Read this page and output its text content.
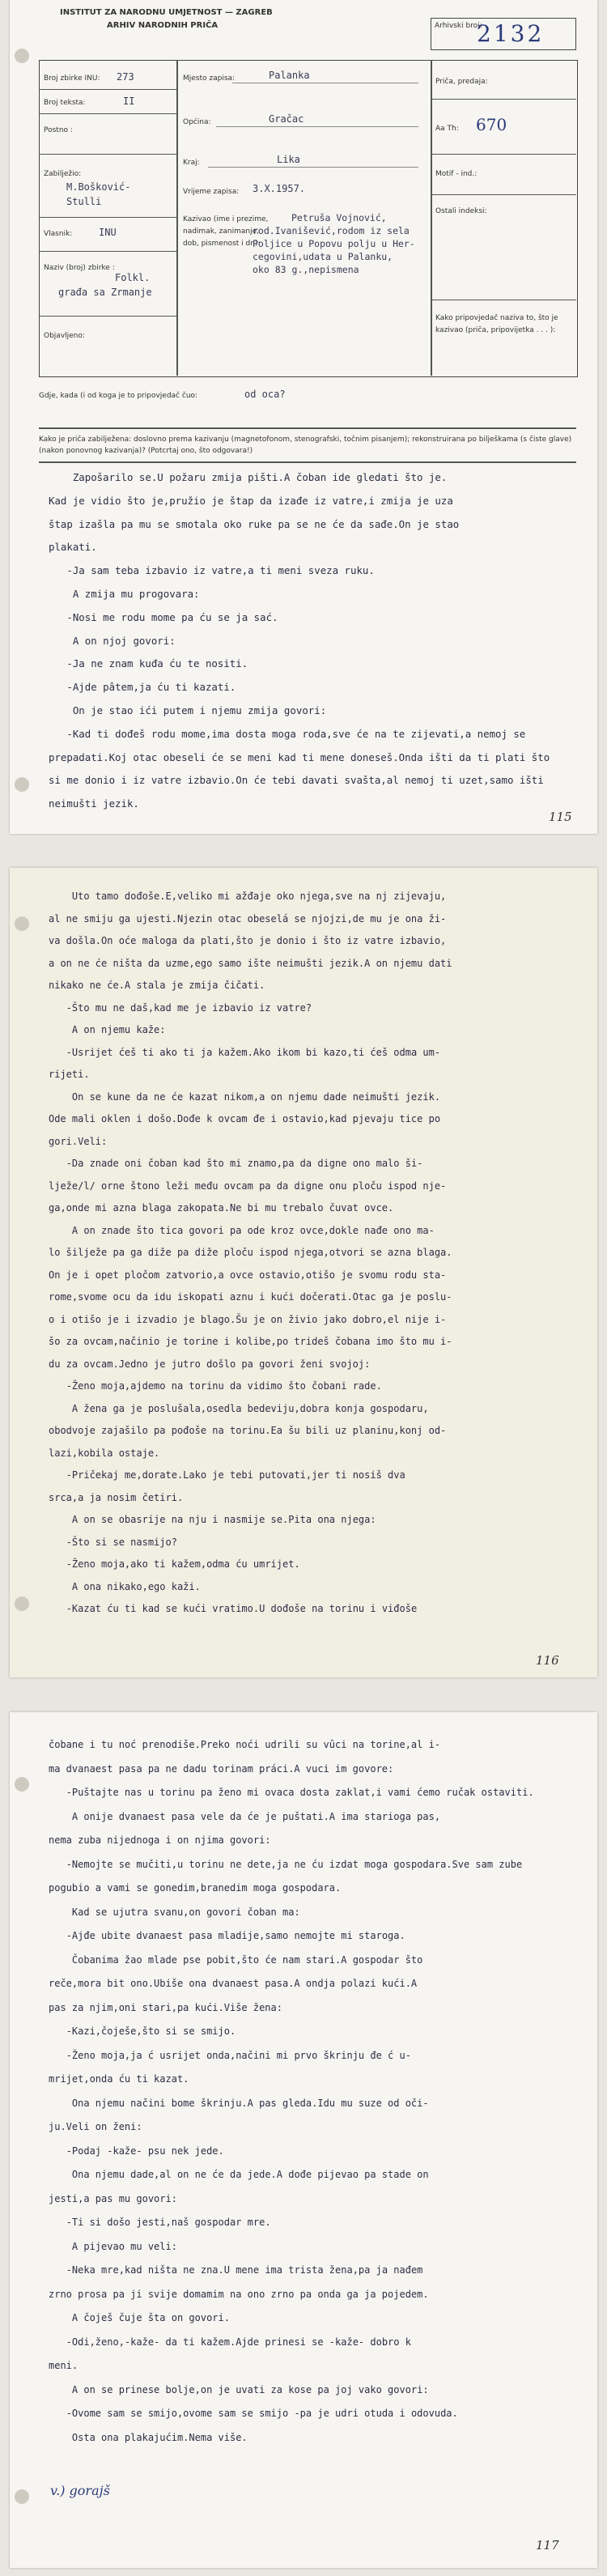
INSTITUT ZA NARODNU UMJETNOST — ZAGREB
ARHIV NARODNIH PRIČA	Arhivski broj:
2132
Broj zbirke INU: 273
Broj teksta:	II
Postno :
Zabilježio:
M.Bošković-
Stulli
Vlasnik:	INU
Naziv (broj) zbirke :
Folkl.
građa sa Zrmanje
Objavljeno:
Mjesto zapisa:	Palanka
Općina:	Gračac
Kraj:	Lika
Vrijeme zapisa: 3.X.1957.
Kazivao (ime i prezime, nadimak, zanimanje, dob, pismenost i dr.):
Petruša Vojnović,
rod.Ivanišević,rodom iz sela
Poljice u Popovu polju u Her-
cegovini,udata u Palanku,
oko 83 g.,nepismena
Priča, predaja:
Aa Th: 670
Motif - ind.:
Ostali indeksi:
Kako pripovjedač naziva to, što je kazivao (priča, pripovijetka . . . ):
Gdje, kada (i od koga je to pripovjedač čuo:	od oca?
Kako je priča zabilježena: doslovno prema kazivanju (magnetofonom, stenografski, točnim pisanjem); rekonstruirana po bilješkama (s čiste glave) (nakon ponovnog kazivanja)? (Potcrtaj ono, što odgovara!)
Zapošarilo se.U požaru zmija pišti.A čoban ide gledati što je.
Kad je vidio što je,pružio je štap da izađe iz vatre,i zmija je uza
štap izašla pa mu se smotala oko ruke pa se ne će da sađe.On je stao
plakati.
-Ja sam teba izbavio iz vatre,a ti meni sveza ruku.
A zmija mu progovara:
-Nosi me rodu mome pa ću se ja sać.
A on njoj govori:
-Ja ne znam kuđa ću te nositi.
-Ajde pâtem,ja ću ti kazati.
On je stao ići putem i njemu zmija govori:
-Kad ti dođeš rodu mome,ima dosta moga roda,sve će na te zijevati,a nemoj se prepadati.Koj otac obeseli će se meni kad ti mene doneseš.Onda išti da ti plati što si me donio i iz vatre izbavio.On će tebi davati svašta,al nemoj ti uzet,samo išti neimušti jezik.
115
Uto tamo dođoše.E,veliko mi ažđaje oko njega,sve na nj zijevaju,
al ne smiju ga ujesti.Njezin otac obeselá se njojzi,de mu je ona ži-
va došla.On oće maloga da plati,što je donio i što iz vatre izbavio,
a on ne će ništa da uzme,ego samo ište neimušti jezik.A on njemu dati
nikako ne će.A stala je zmija čičati.
-Što mu ne daš,kad me je izbavio iz vatre?
A on njemu kaže:
-Usrijet ćeš ti ako ti ja kažem.Ako ikom bi kazo,ti ćeš odma um-
rijeti.
On se kune da ne će kazat nikom,a on njemu dade neimušti jezik.
Ode mali oklen i došo.Dođe k ovcam đe i ostavio,kad pjevaju tice po
gori.Veli:
-Da znade oni čoban kad što mi znamo,pa da digne ono malo ši-
lježe/l/ orne štono leži među ovcam pa da digne onu ploču ispod nje-
ga,onde mi azna blaga zakopata.Ne bi mu trebalo čuvat ovce.
A on znade što tica govori pa ode kroz ovce,dokle nađe ono ma-
lo šilježe pa ga diže pa diže ploču ispod njega,otvori se azna blaga.
On je i opet pločom zatvorio,a ovce ostavio,otišo je svomu rodu sta-
rome,svome ocu da idu iskopati aznu i kući dočerati.Otac ga je poslu-
o i otišo je i izvadio je blago.Šu je on živio jako dobro,el nije i-
šo za ovcam,načinio je torine i kolibe,po trideš čobana imo što mu i-
du za ovcam.Jedno je jutro došlo pa govori ženi svojoj:
-Ženo moja,ajdemo na torinu da vidimo što čobani rade.
A žena ga je poslušala,osedla bedeviju,dobra konja gospodaru,
obodvoje zajašilo pa pođoše na torinu.Ea šu bili uz planinu,konj od-
lazi,kobila ostaje.
-Pričekaj me,dorate.Lako je tebi putovati,jer ti nosiš dva
srca,a ja nosim četiri.
A on se obasrije na nju i nasmije se.Pita ona njega:
-Što si se nasmijo?
-Ženo moja,ako ti kažem,odma ću umrijet.
A ona nikako,ego kaži.
-Kazat ću ti kad se kući vratimo.U dođoše na torinu i viđoše
116
čobane i tu noć prenodiše.Preko noći udrili su vûci na torine,al i-
ma dvanaest pasa pa ne dadu torinam práci.A vuci im govore:
-Puštajte nas u torinu pa ženo mi ovaca dosta zaklat,i vami ćemo ručak ostaviti.
A onije dvanaest pasa vele da će je puštati.A ima starioga pas,
nema zuba nijednoga i on njima govori:
-Nemojte se mučiti,u torinu ne dete,ja ne ću izdat moga gospodara.Sve sam zube pogubio a vami se gonedim,branedim moga gospodara.
Kad se ujutra svanu,on govori čoban ma:
-Ajđe ubite dvanaest pasa mladije,samo nemojte mi staroga.
Čobanima žao mlade pse pobit,što će nam stari.A gospodar što
reče,mora bit ono.Ubiše ona dvanaest pasa.A ondja polazi kući.A
pas za njim,oni stari,pa kući.Više žena:
-Kazi,čoješe,što si se smijo.
-Ženo moja,ja ć usrijet onda,načini mi prvo škrinju đe ć u-
mrijet,onda ću ti kazat.
Ona njemu načini bome škrinju.A pas gleda.Idu mu suze od oči-
ju.Veli on ženi:
-Podaj -kaže- psu nek jede.
Ona njemu dade,al on ne će da jede.A dođe pijevao pa stade on
jesti,a pas mu govori:
-Ti si došo jesti,naš gospodar mre.
A pijevao mu veli:
-Neka mre,kad ništa ne zna.U mene ima trista žena,pa ja nađem
zrno prosa pa ji svije domamim na ono zrno pa onda ga ja pojedem.
A čoješ čuje šta on govori.
-Odi,ženo,-kaže- da ti kažem.Ajde prinesi se -kaže- dobro k
meni.
A on se prinese bolje,on je uvati za kose pa joj vako govori:
-Ovome sam se smijo,ovome sam se smijo -pa je udri otuda i odovuda.
Osta ona plakajućim.Nema više.
v.) gorajš
117
